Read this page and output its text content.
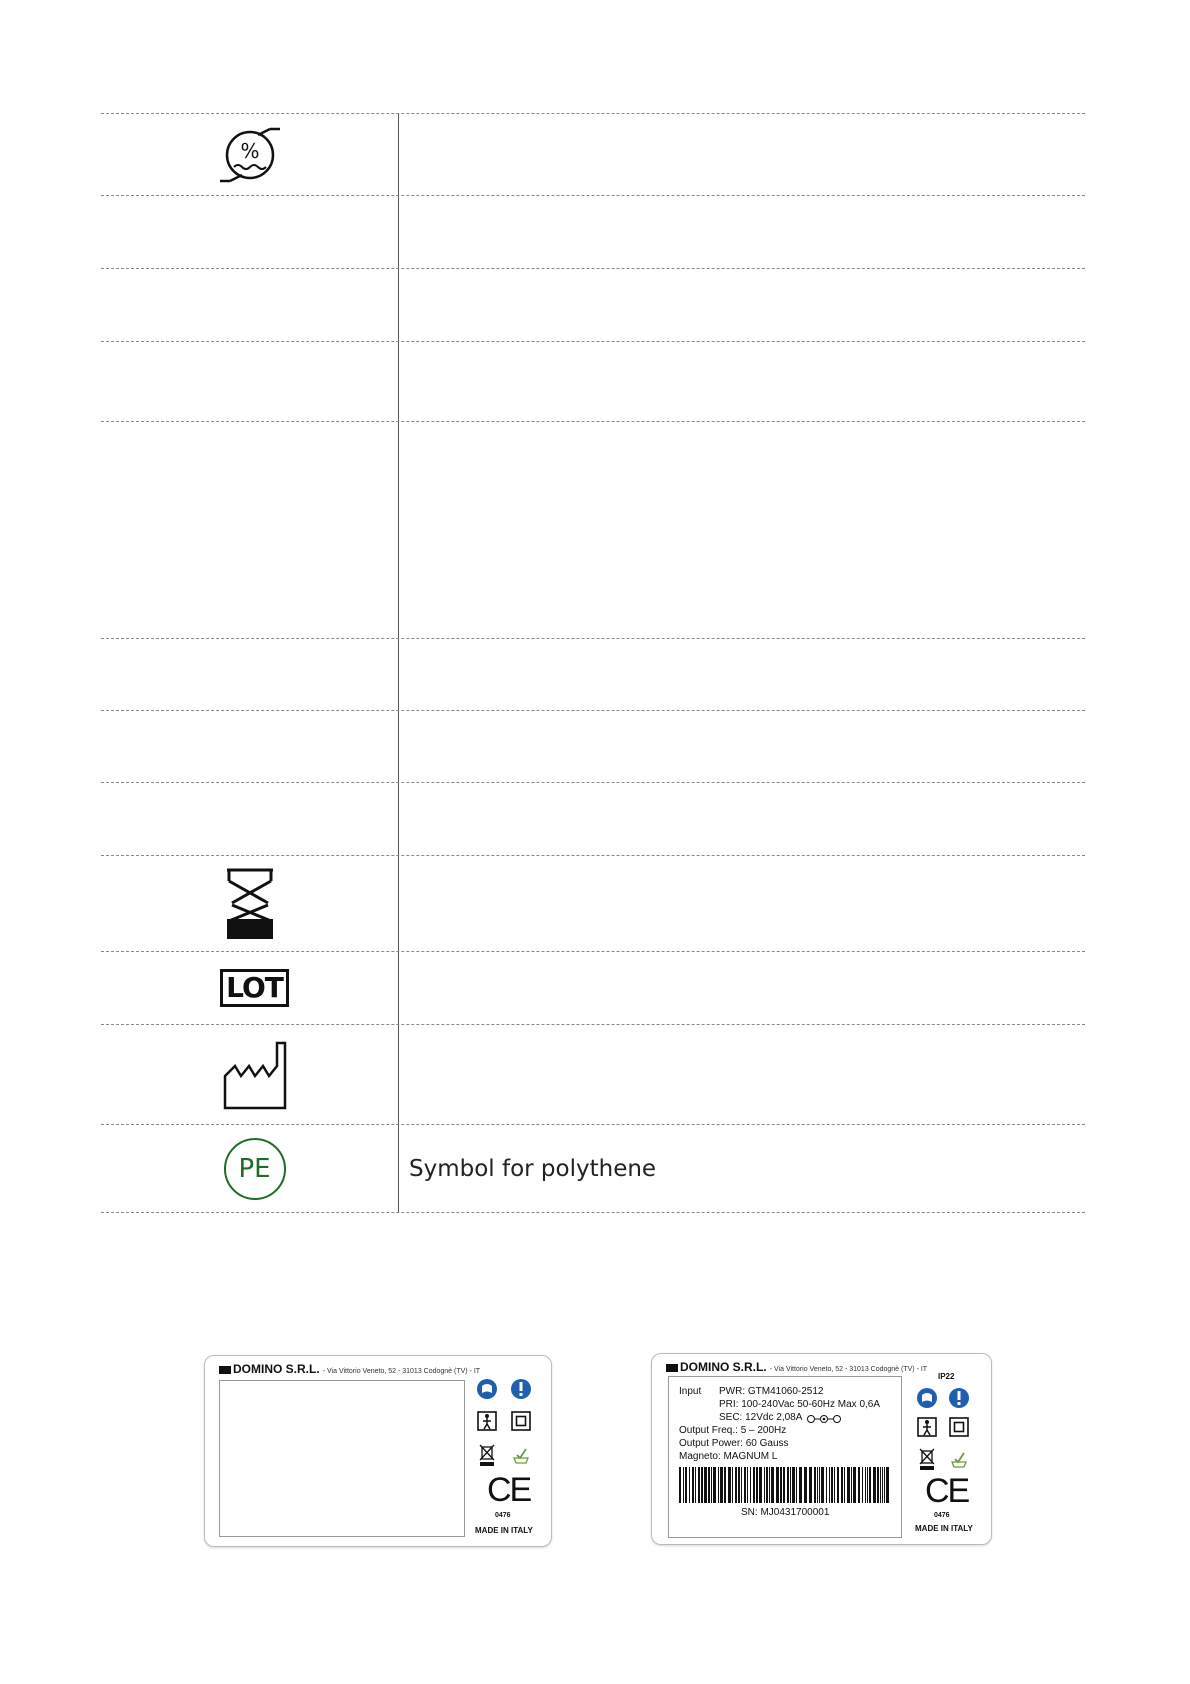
%
LOT
PE	Symbol for polythene
DOMINO S.R.L. - Via Vittorio Veneto, 52 - 31013 Codognè (TV) - IT
CE
0476
MADE IN ITALY
DOMINO S.R.L. - Via Vittorio Veneto, 52 - 31013 Codognè (TV) - IT
Input PWR: GTM41060-2512
PRI: 100-240Vac 50-60Hz Max 0,6A
SEC: 12Vdc 2,08A
Output Freq.: 5 – 200Hz
Output Power: 60 Gauss
Magneto: MAGNUM L
SN: MJ0431700001
IP22
CE
0476
MADE IN ITALY
